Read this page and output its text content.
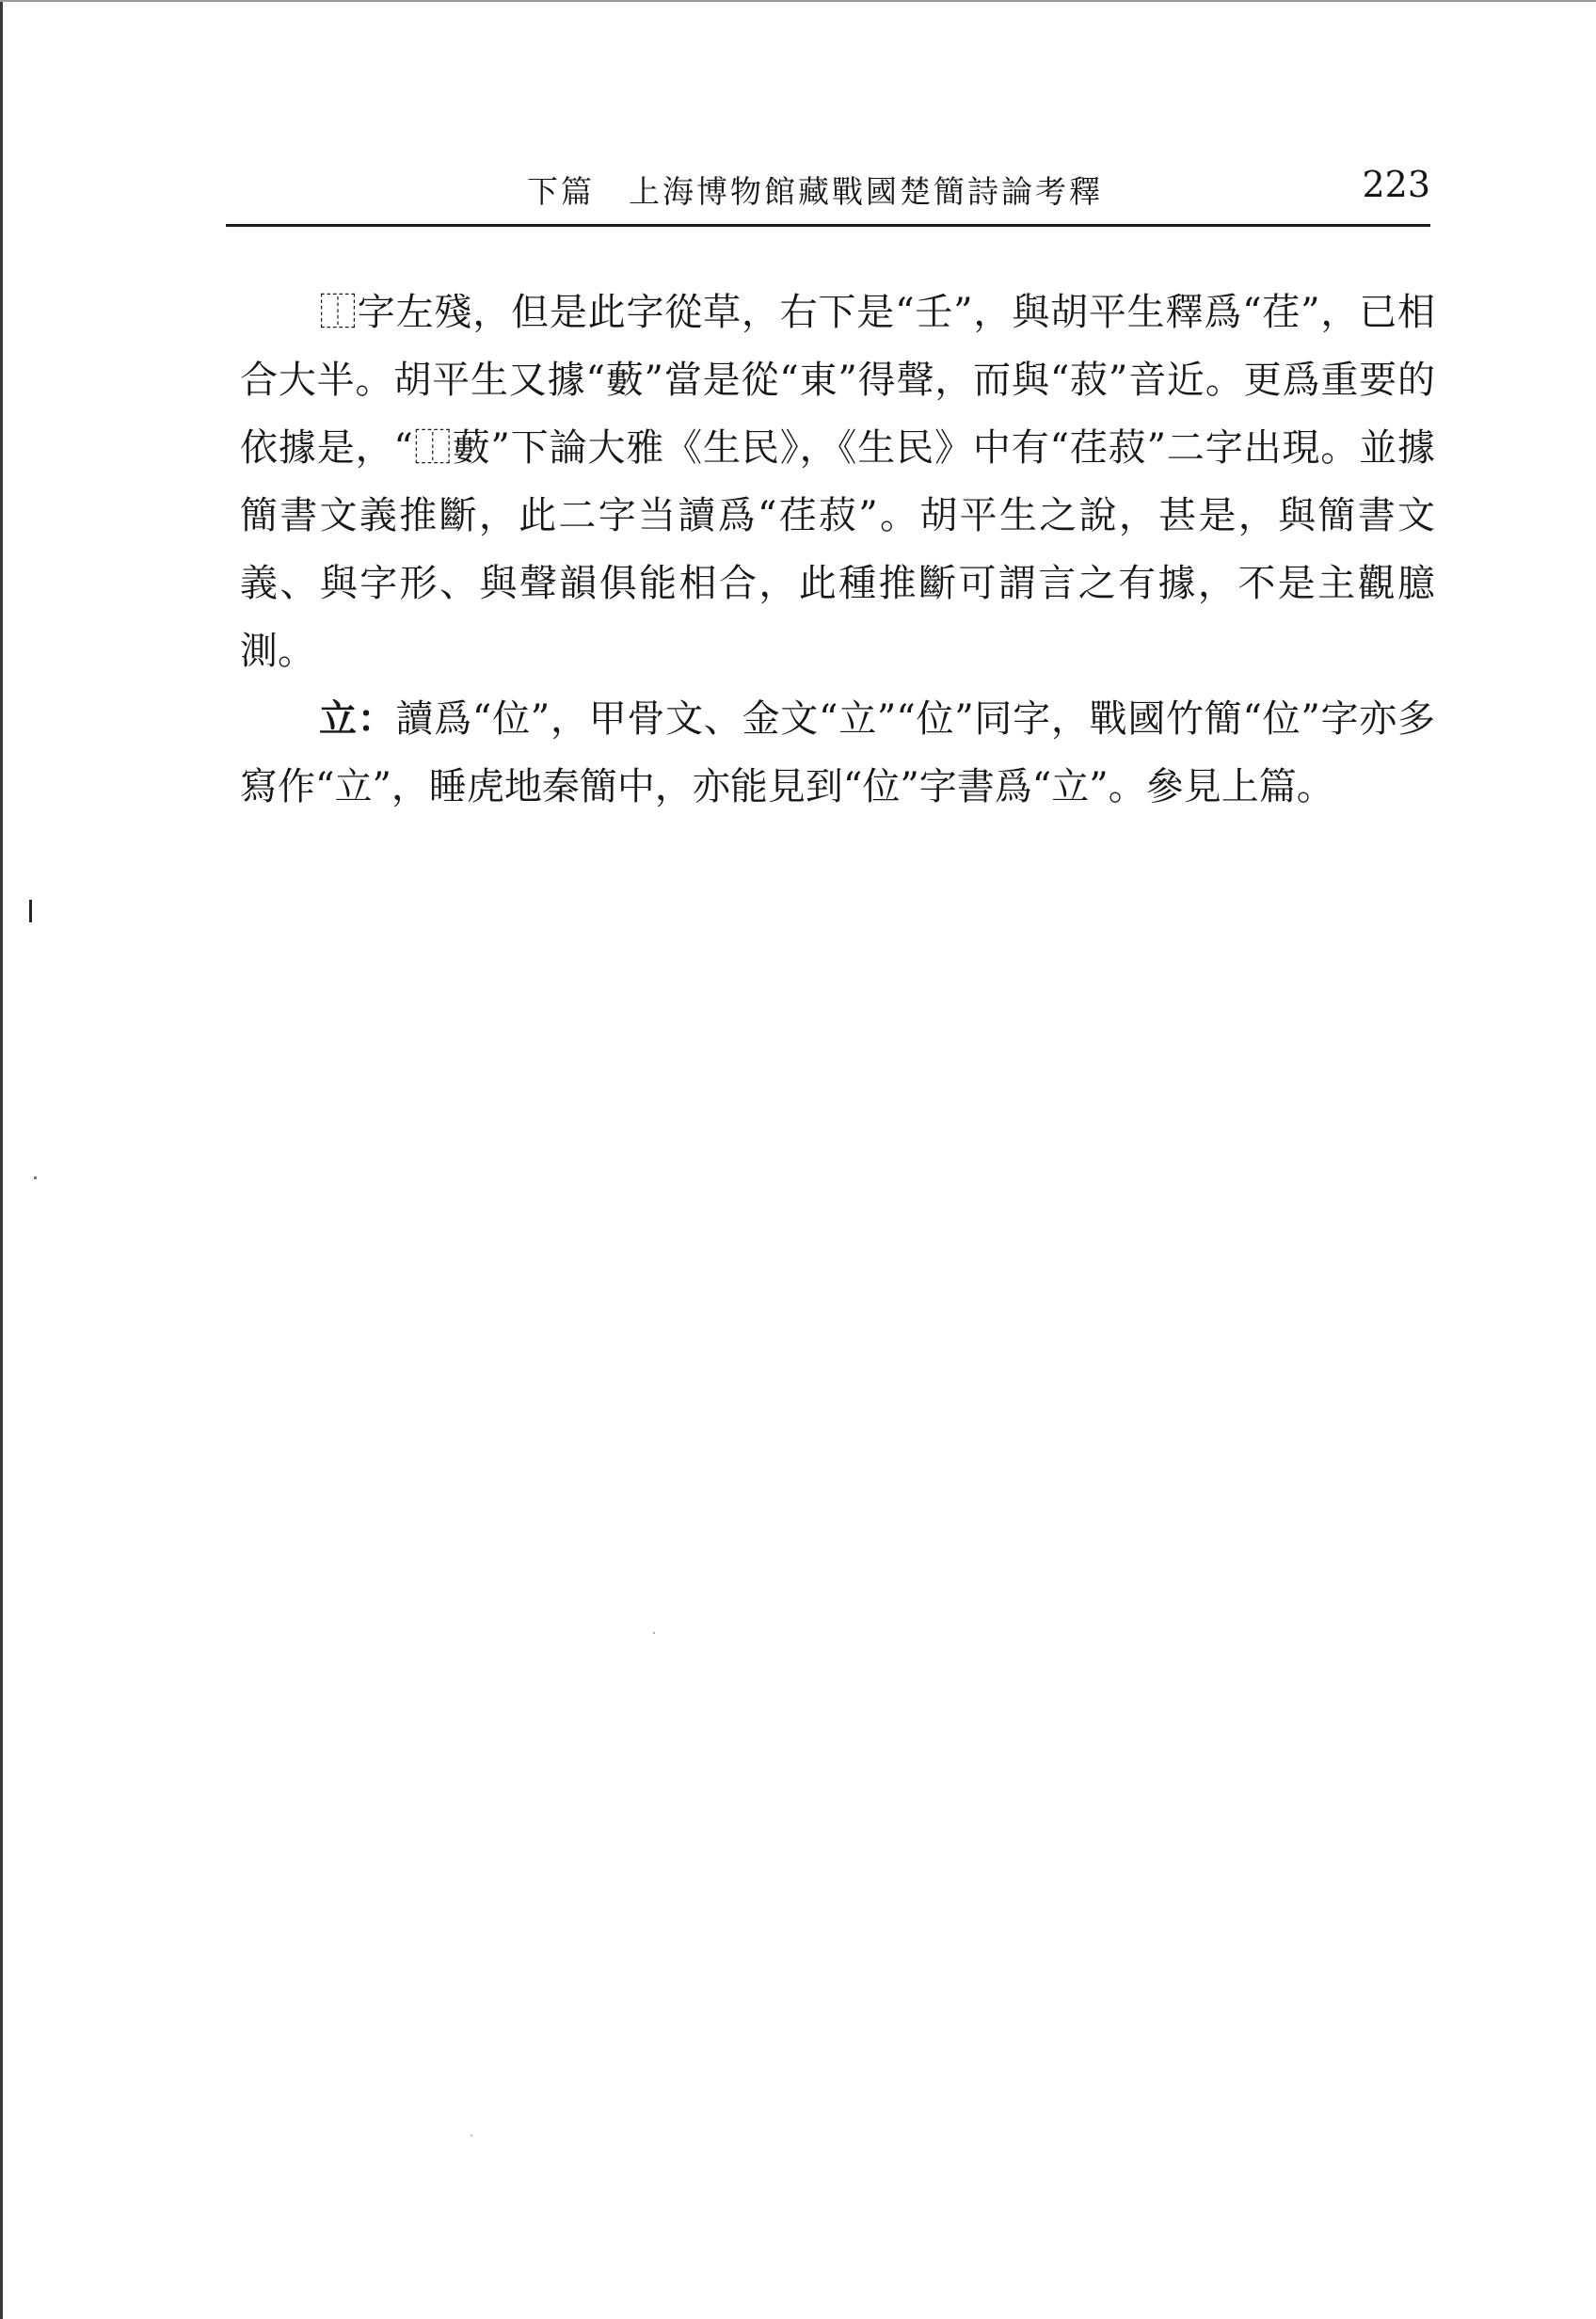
下篇　上海博物館藏戰國楚簡詩論考釋	223

⿰字左殘，但是此字從草，右下是“壬”，與胡平生釋爲“荏”，已相合大半。胡平生又據“藪”當是從“東”得聲，而與“菽”音近。更爲重要的依據是，“⿰藪”下論大雅《生民》，《生民》中有“荏菽”二字出現。並據簡書文義推斷，此二字当讀爲“荏菽”。胡平生之說，甚是，與簡書文義、與字形、與聲韻俱能相合，此種推斷可謂言之有據，不是主觀臆測。

立：讀爲“位”，甲骨文、金文“立”“位”同字，戰國竹簡“位”字亦多寫作“立”，睡虎地秦簡中，亦能見到“位”字書爲“立”。參見上篇。
